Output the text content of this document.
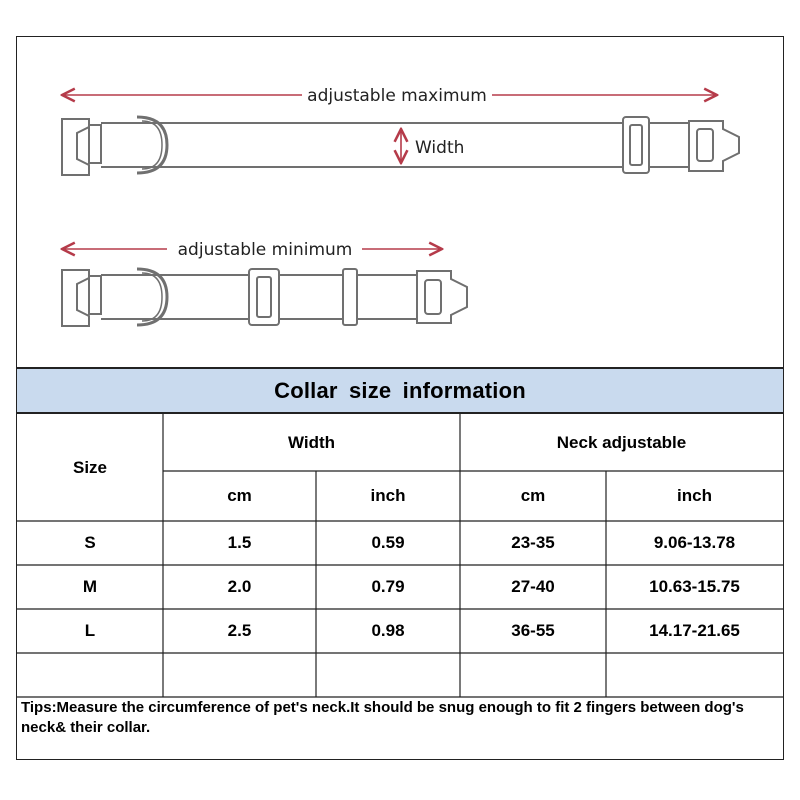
adjustable maximum
Width
adjustable minimum
Collar size information
Size
Width	Neck adjustable
cm	inch	cm	inch
S	1.5	0.59	23-35	9.06-13.78
M	2.0	0.79	27-40	10.63-15.75
L	2.5	0.98	36-55	14.17-21.65
Tips:Measure the circumference of pet's neck.It should be snug enough to fit 2 fingers between dog's neck& their collar.
